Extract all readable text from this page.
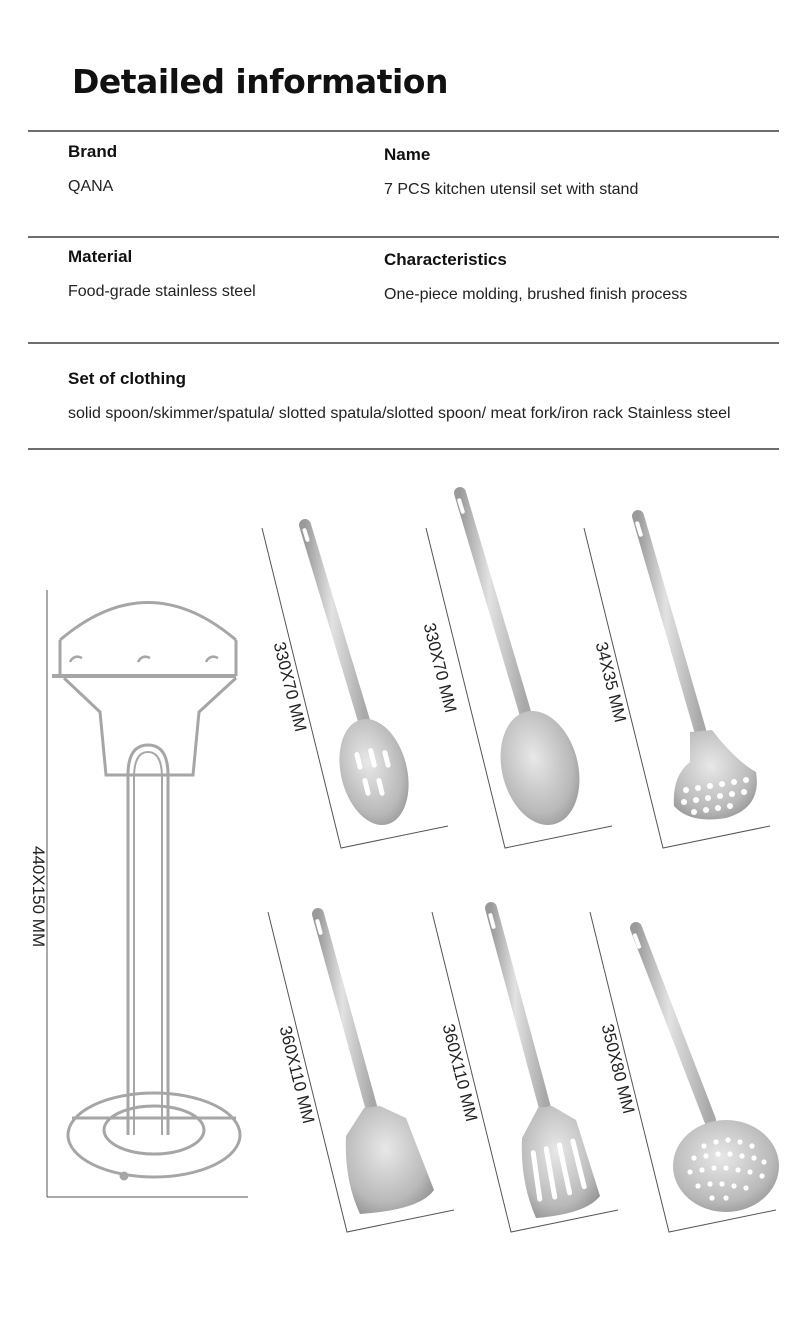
Detailed information
Brand
QANA
Name
7 PCS kitchen utensil set with stand
Material
Food-grade stainless steel
Characteristics
One-piece molding, brushed finish process
Set of clothing
solid spoon/skimmer/spatula/ slotted spatula/slotted spoon/ meat fork/iron rack Stainless steel
440X150 MM
330X70 MM	330X70 MM	34X35 MM
360X110 MM	360X110 MM	350X80 MM
